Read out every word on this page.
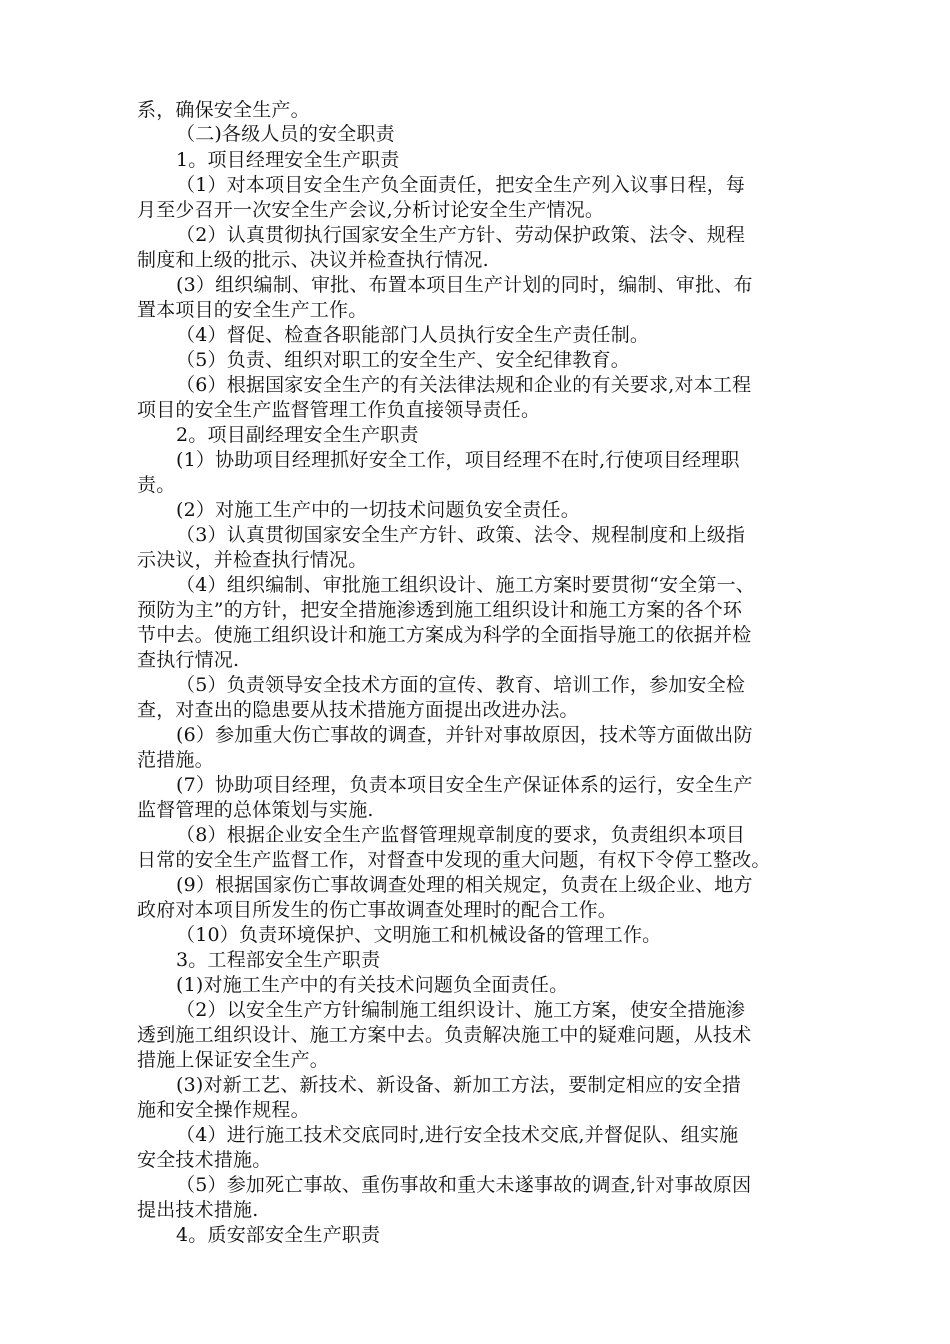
系，确保安全生产。
（二)各级人员的安全职责
1。项目经理安全生产职责
（1）对本项目安全生产负全面责任，把安全生产列入议事日程，每
月至少召开一次安全生产会议,分析讨论安全生产情况。
（2）认真贯彻执行国家安全生产方针、劳动保护政策、法令、规程
制度和上级的批示、决议并检查执行情况.
(3）组织编制、审批、布置本项目生产计划的同时，编制、审批、布
置本项目的安全生产工作。
（4）督促、检查各职能部门人员执行安全生产责任制。
（5）负责、组织对职工的安全生产、安全纪律教育。
（6）根据国家安全生产的有关法律法规和企业的有关要求,对本工程
项目的安全生产监督管理工作负直接领导责任。
2。项目副经理安全生产职责
(1）协助项目经理抓好安全工作，项目经理不在时,行使项目经理职
责。
(2）对施工生产中的一切技术问题负安全责任。
（3）认真贯彻国家安全生产方针、政策、法令、规程制度和上级指
示决议，并检查执行情况。
（4）组织编制、审批施工组织设计、施工方案时要贯彻“安全第一、
预防为主”的方针，把安全措施渗透到施工组织设计和施工方案的各个环
节中去。使施工组织设计和施工方案成为科学的全面指导施工的依据并检
查执行情况.
（5）负责领导安全技术方面的宣传、教育、培训工作，参加安全检
查，对查出的隐患要从技术措施方面提出改进办法。
(6）参加重大伤亡事故的调查，并针对事故原因，技术等方面做出防
范措施。
(7）协助项目经理，负责本项目安全生产保证体系的运行，安全生产
监督管理的总体策划与实施.
（8）根据企业安全生产监督管理规章制度的要求，负责组织本项目
日常的安全生产监督工作，对督查中发现的重大问题，有权下令停工整改。
(9）根据国家伤亡事故调查处理的相关规定，负责在上级企业、地方
政府对本项目所发生的伤亡事故调查处理时的配合工作。
（10）负责环境保护、文明施工和机械设备的管理工作。
3。工程部安全生产职责
(1)对施工生产中的有关技术问题负全面责任。
（2）以安全生产方针编制施工组织设计、施工方案，使安全措施渗
透到施工组织设计、施工方案中去。负责解决施工中的疑难问题，从技术
措施上保证安全生产。
(3)对新工艺、新技术、新设备、新加工方法，要制定相应的安全措
施和安全操作规程。
（4）进行施工技术交底同时,进行安全技术交底,并督促队、组实施
安全技术措施。
（5）参加死亡事故、重伤事故和重大未遂事故的调查,针对事故原因
提出技术措施.
4。质安部安全生产职责
